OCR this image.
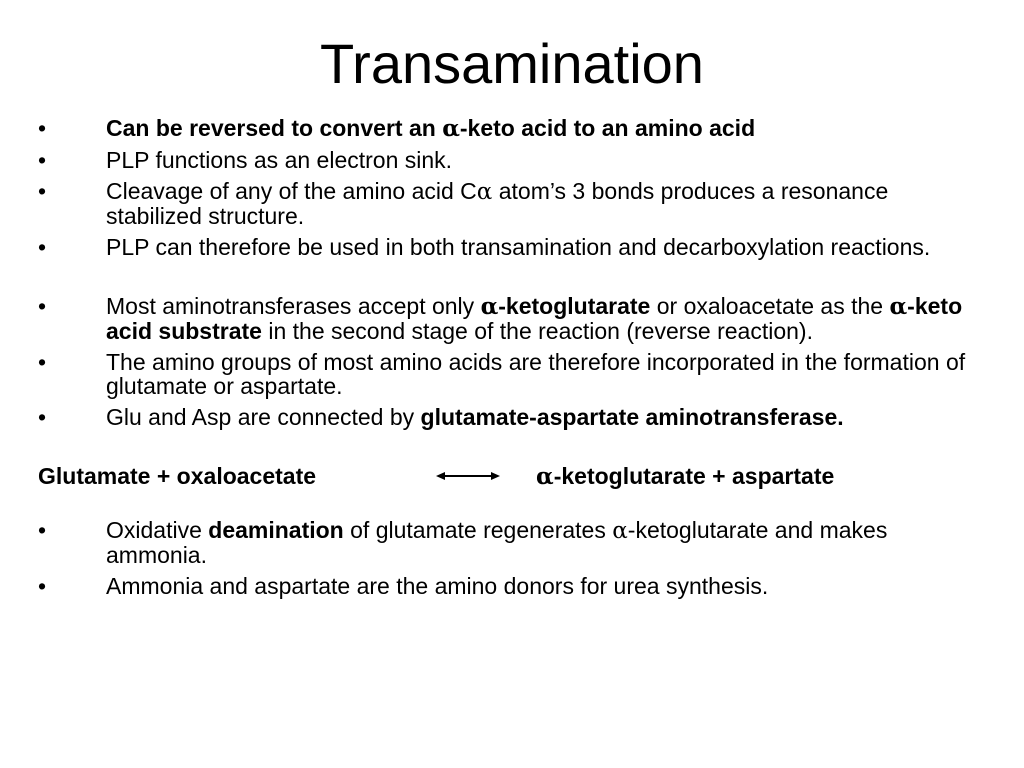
Transamination
•	Can be reversed to convert an α-keto acid to an amino acid
•	PLP functions as an electron sink.
•	Cleavage of any of the amino acid Cα atom’s 3 bonds produces a resonance stabilized structure.
•	PLP can therefore be used in both transamination and decarboxylation reactions.
•	Most aminotransferases accept only α-ketoglutarate or oxaloacetate as the α-keto acid substrate in the second stage of the reaction (reverse reaction).
•	The amino groups of most amino acids are therefore incorporated in the formation of glutamate or aspartate.
•	Glu and Asp are connected by glutamate-aspartate aminotransferase.
Glutamate + oxaloacetate	α-ketoglutarate + aspartate
•	Oxidative deamination of glutamate regenerates α-ketoglutarate and makes ammonia.
•	Ammonia and aspartate are the amino donors for urea synthesis.
